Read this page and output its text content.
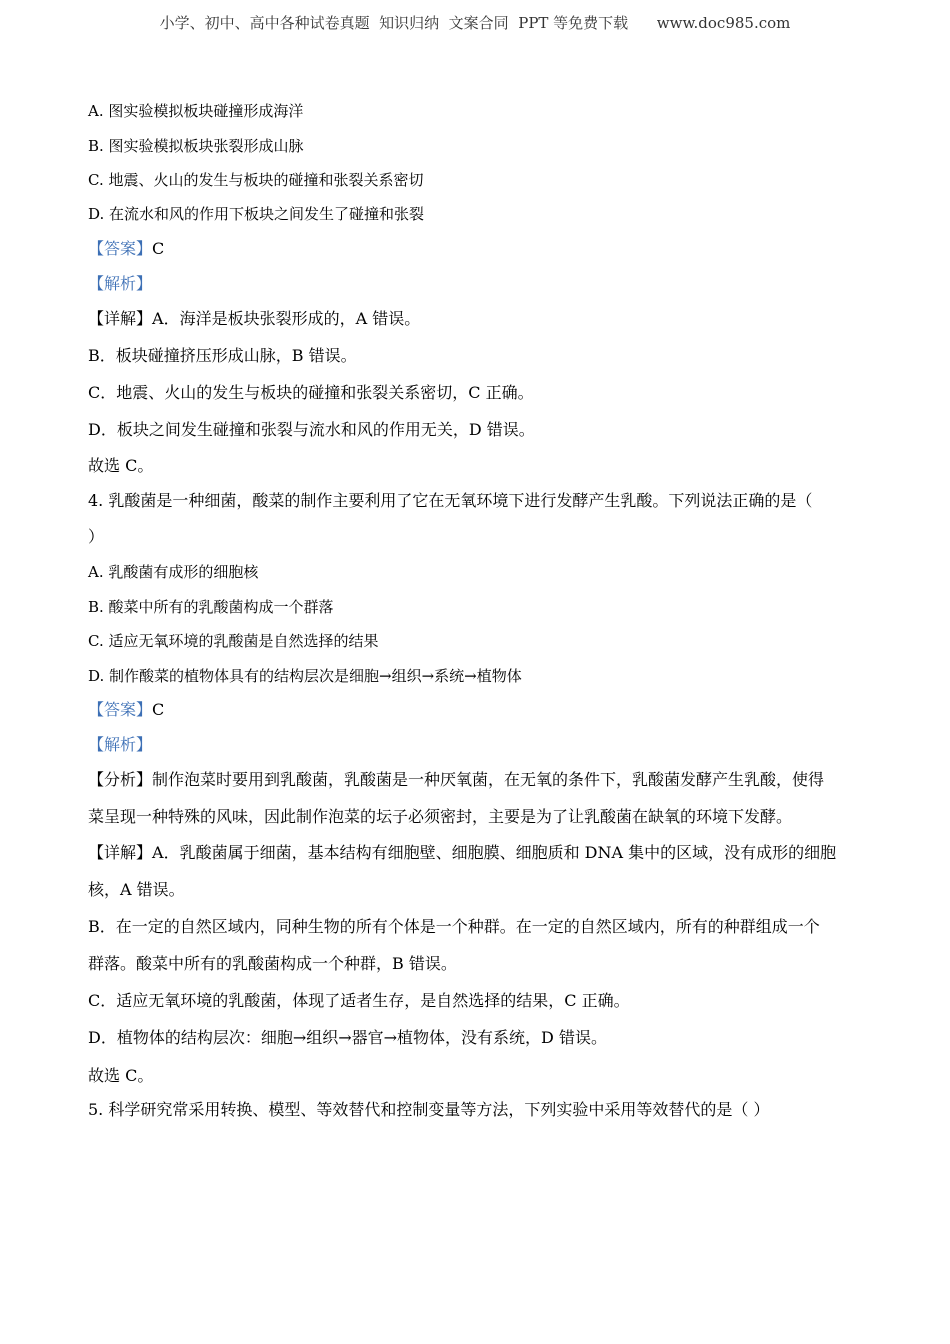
小学、初中、高中各种试卷真题  知识归纳  文案合同  PPT 等免费下载      www.doc985.com
A. 图实验模拟板块碰撞形成海洋
B. 图实验模拟板块张裂形成山脉
C. 地震、火山的发生与板块的碰撞和张裂关系密切
D. 在流水和风的作用下板块之间发生了碰撞和张裂
【答案】C
【解析】
【详解】A．海洋是板块张裂形成的，A 错误。
B．板块碰撞挤压形成山脉，B 错误。
C．地震、火山的发生与板块的碰撞和张裂关系密切，C 正确。
D．板块之间发生碰撞和张裂与流水和风的作用无关，D 错误。
故选 C。
4. 乳酸菌是一种细菌，酸菜的制作主要利用了它在无氧环境下进行发酵产生乳酸。下列说法正确的是（
）
A. 乳酸菌有成形的细胞核
B. 酸菜中所有的乳酸菌构成一个群落
C. 适应无氧环境的乳酸菌是自然选择的结果
D. 制作酸菜的植物体具有的结构层次是细胞→组织→系统→植物体
【答案】C
【解析】
【分析】制作泡菜时要用到乳酸菌，乳酸菌是一种厌氧菌，在无氧的条件下，乳酸菌发酵产生乳酸，使得
菜呈现一种特殊的风味，因此制作泡菜的坛子必须密封，主要是为了让乳酸菌在缺氧的环境下发酵。
【详解】A．乳酸菌属于细菌，基本结构有细胞壁、细胞膜、细胞质和 DNA 集中的区域，没有成形的细胞
核，A 错误。
B．在一定的自然区域内，同种生物的所有个体是一个种群。在一定的自然区域内，所有的种群组成一个
群落。酸菜中所有的乳酸菌构成一个种群，B 错误。
C．适应无氧环境的乳酸菌，体现了适者生存，是自然选择的结果，C 正确。
D．植物体的结构层次：细胞→组织→器官→植物体，没有系统，D 错误。
故选 C。
5. 科学研究常采用转换、模型、等效替代和控制变量等方法，下列实验中采用等效替代的是（ ）
